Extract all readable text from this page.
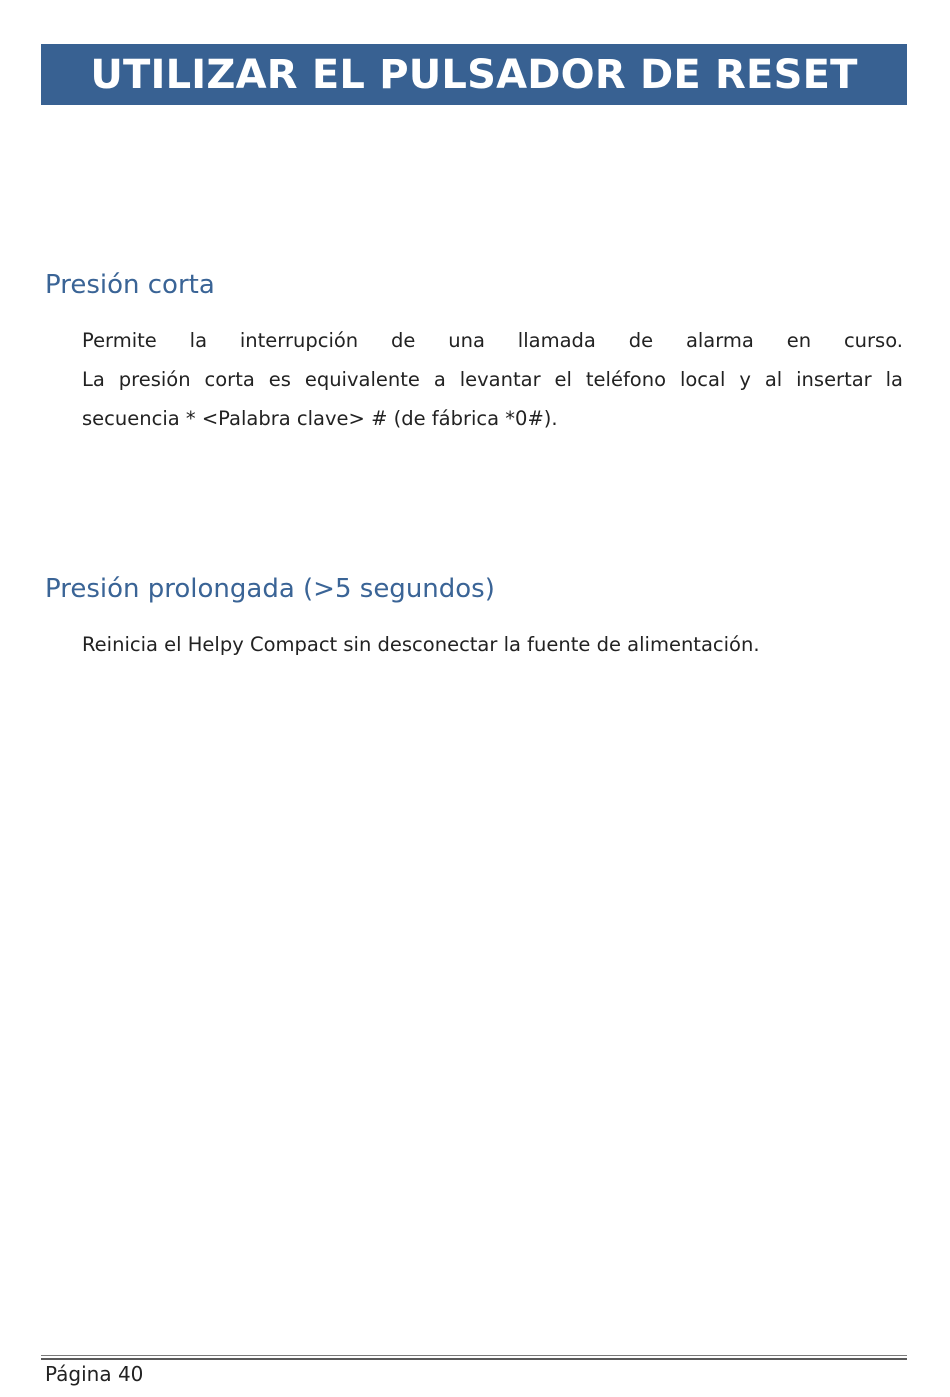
UTILIZAR EL PULSADOR DE RESET
Presión corta
Permite la interrupción de una llamada de alarma en curso.
La presión corta es equivalente a levantar el teléfono local y al insertar la
secuencia * <Palabra clave> # (de fábrica *0#).
Presión prolongada (>5 segundos)
Reinicia el Helpy Compact sin desconectar la fuente de alimentación.

Página 40
